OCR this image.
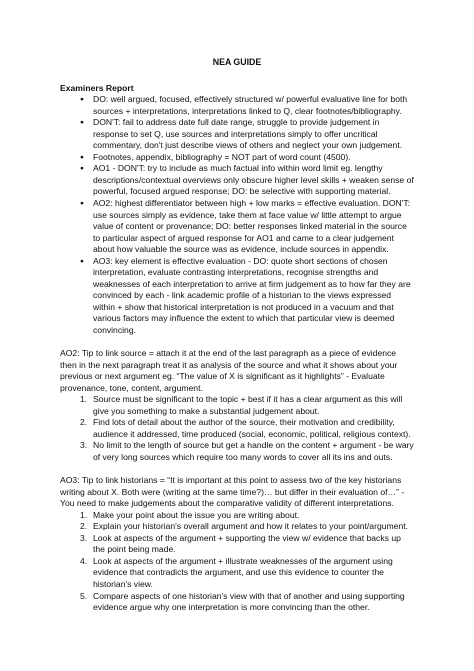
NEA GUIDE
Examiners Report
● DO: well argued, focused, effectively structured w/ powerful evaluative line for both sources + interpretations, interpretations linked to Q, clear footnotes/bibliography.
● DON'T: fail to address date full date range, struggle to provide judgement in response to set Q, use sources and interpretations simply to offer uncritical commentary, don't just describe views of others and neglect your own judgement.
● Footnotes, appendix, bibliography = NOT part of word count (4500).
● AO1 - DON'T: try to include as much factual info within word limit eg. lengthy descriptions/contextual overviews only obscure higher level skills + weaken sense of powerful, focused argued response; DO: be selective with supporting material.
● AO2: highest differentiator between high + low marks = effective evaluation. DON'T: use sources simply as evidence, take them at face value w/ little attempt to argue value of content or provenance; DO: better responses linked material in the source to particular aspect of argued response for AO1 and came to a clear judgement about how valuable the source was as evidence, include sources in appendix.
● AO3: key element is effective evaluation - DO: quote short sections of chosen interpretation, evaluate contrasting interpretations, recognise strengths and weaknesses of each interpretation to arrive at firm judgement as to how far they are convinced by each - link academic profile of a historian to the views expressed within + show that historical interpretation is not produced in a vacuum and that various factors may influence the extent to which that particular view is deemed convincing.

AO2: Tip to link source = attach it at the end of the last paragraph as a piece of evidence then in the next paragraph treat it as analysis of the source and what it shows about your previous or next argument eg. “The value of X is significant as it highlights” - Evaluate provenance, tone, content, argument.

1. Source must be significant to the topic + best if it has a clear argument as this will give you something to make a substantial judgement about.
2. Find lots of detail about the author of the source, their motivation and credibility, audience it addressed, time produced (social, economic, political, religious context).
3. No limit to the length of source but get a handle on the content + argument - be wary of very long sources which require too many words to cover all its ins and outs.

AO3: Tip to link historians = “It is important at this point to assess two of the key historians writing about X. Both were (writing at the same time?)… but differ in their evaluation of…” - You need to make judgements about the comparative validity of different interpretations.

1. Make your point about the issue you are writing about.
2. Explain your historian's overall argument and how it relates to your point/argument.
3. Look at aspects of the argument + supporting the view w/ evidence that backs up the point being made.
4. Look at aspects of the argument + illustrate weaknesses of the argument using evidence that contradicts the argument, and use this evidence to counter the historian's view.
5. Compare aspects of one historian's view with that of another and using supporting evidence argue why one interpretation is more convincing than the other.
